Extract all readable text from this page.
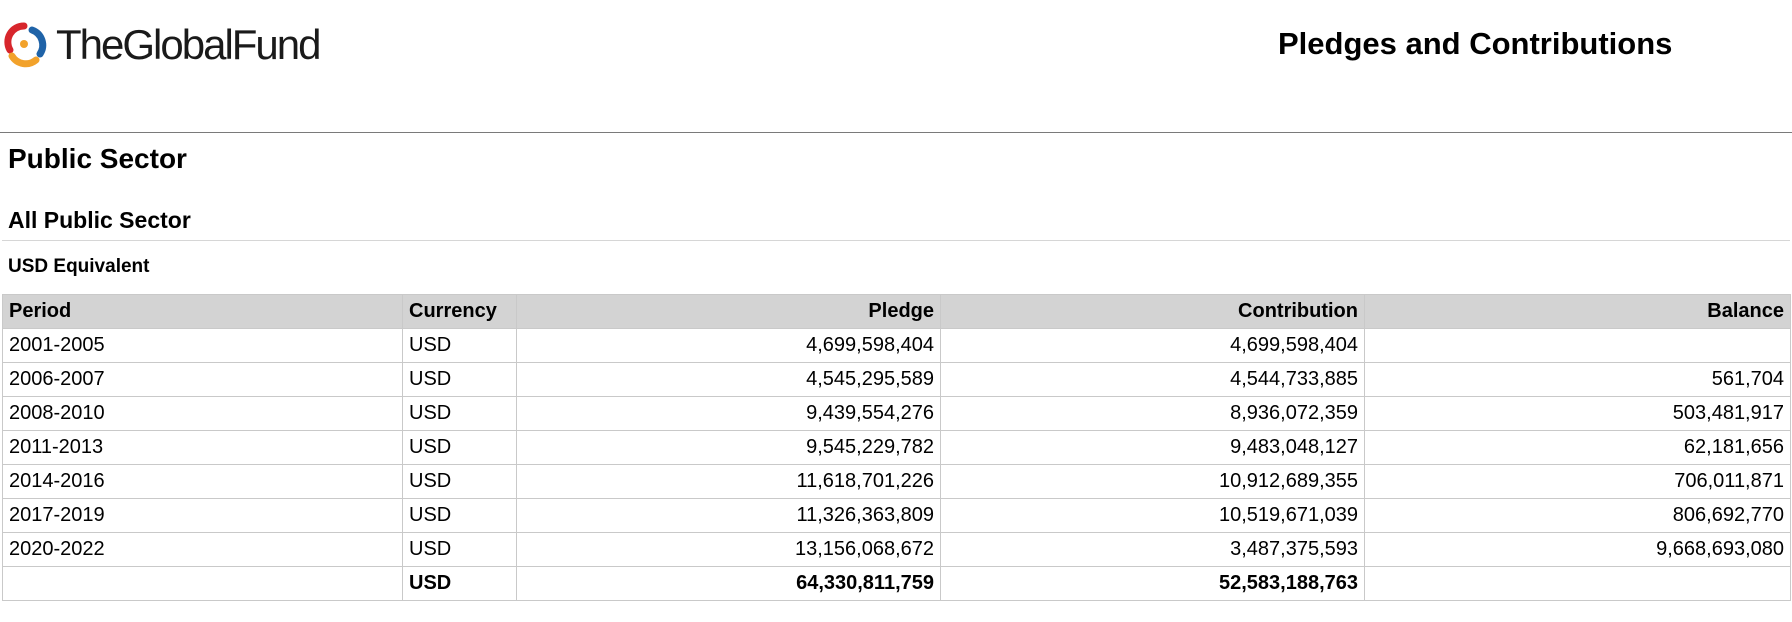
TheGlobalFund	Pledges and Contributions
Public Sector
All Public Sector
USD Equivalent
Period	Currency	Pledge	Contribution	Balance
2001-2005	USD	4,699,598,404	4,699,598,404	
2006-2007	USD	4,545,295,589	4,544,733,885	561,704
2008-2010	USD	9,439,554,276	8,936,072,359	503,481,917
2011-2013	USD	9,545,229,782	9,483,048,127	62,181,656
2014-2016	USD	11,618,701,226	10,912,689,355	706,011,871
2017-2019	USD	11,326,363,809	10,519,671,039	806,692,770
2020-2022	USD	13,156,068,672	3,487,375,593	9,668,693,080
	USD	64,330,811,759	52,583,188,763	
